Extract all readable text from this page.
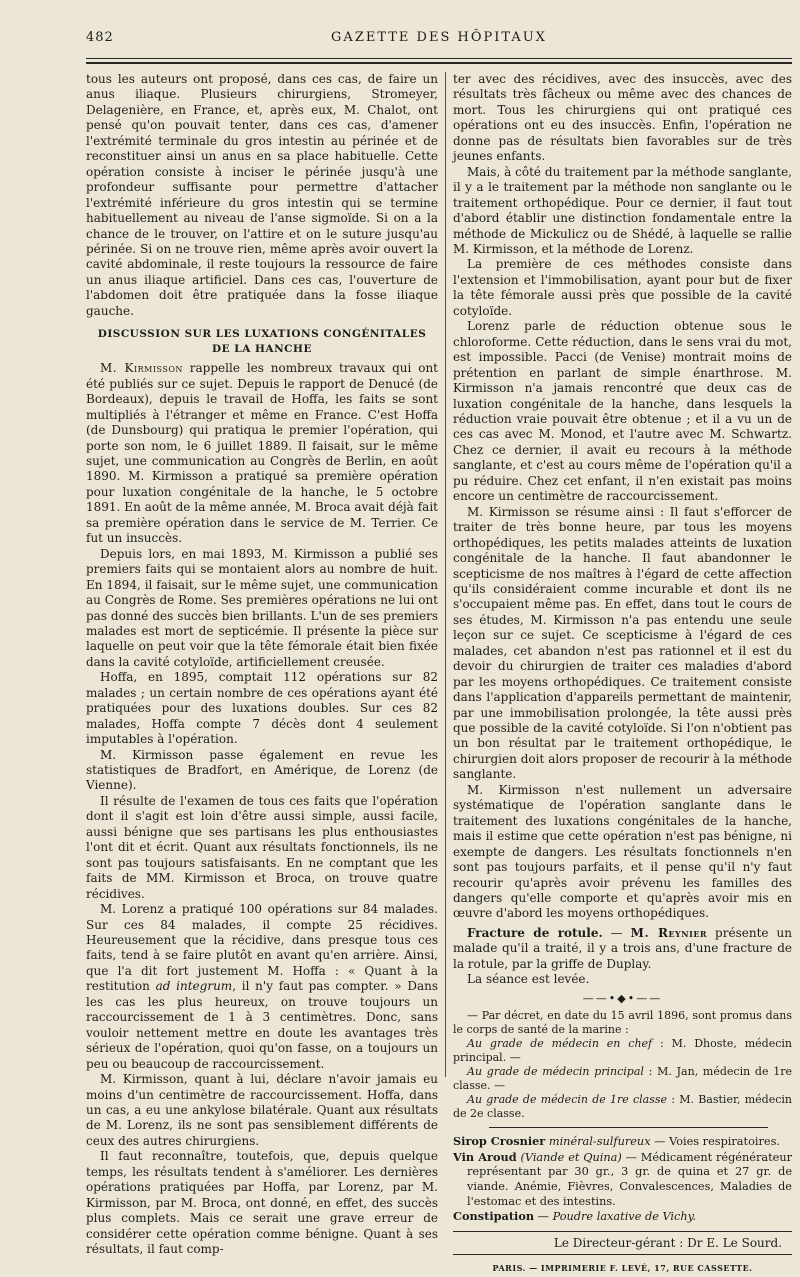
482	GAZETTE DES HÔPITAUX

tous les auteurs ont proposé, dans ces cas, de faire un anus iliaque. Plusieurs chirurgiens, Stromeyer, Delagenière, en France, et, après eux, M. Chalot, ont pensé qu'on pouvait tenter, dans ces cas, d'amener l'extrémité terminale du gros intestin au périnée et de reconstituer ainsi un anus en sa place habituelle. Cette opération consiste à inciser le périnée jusqu'à une profondeur suffisante pour permettre d'attacher l'extrémité inférieure du gros intestin qui se termine habituellement au niveau de l'anse sigmoïde. Si on a la chance de le trouver, on l'attire et on le suture jusqu'au périnée. Si on ne trouve rien, même après avoir ouvert la cavité abdominale, il reste toujours la ressource de faire un anus iliaque artificiel. Dans ces cas, l'ouverture de l'abdomen doit être pratiquée dans la fosse iliaque gauche.

DISCUSSION SUR LES LUXATIONS CONGÉNITALES
DE LA HANCHE

M. Kirmisson rappelle les nombreux travaux qui ont été publiés sur ce sujet. Depuis le rapport de Denucé (de Bordeaux), depuis le travail de Hoffa, les faits se sont multipliés à l'étranger et même en France. C'est Hoffa (de Dunsbourg) qui pratiqua le premier l'opération, qui porte son nom, le 6 juillet 1889. Il faisait, sur le même sujet, une communication au Congrès de Berlin, en août 1890. M. Kirmisson a pratiqué sa première opération pour luxation congénitale de la hanche, le 5 octobre 1891. En août de la même année, M. Broca avait déjà fait sa première opération dans le service de M. Terrier. Ce fut un insuccès.

Depuis lors, en mai 1893, M. Kirmisson a publié ses premiers faits qui se montaient alors au nombre de huit. En 1894, il faisait, sur le même sujet, une communication au Congrès de Rome. Ses premières opérations ne lui ont pas donné des succès bien brillants. L'un de ses premiers malades est mort de septicémie. Il présente la pièce sur laquelle on peut voir que la tête fémorale était bien fixée dans la cavité cotyloïde, artificiellement creusée.

Hoffa, en 1895, comptait 112 opérations sur 82 malades ; un certain nombre de ces opérations ayant été pratiquées pour des luxations doubles. Sur ces 82 malades, Hoffa compte 7 décès dont 4 seulement imputables à l'opération.

M. Kirmisson passe également en revue les statistiques de Bradfort, en Amérique, de Lorenz (de Vienne).

Il résulte de l'examen de tous ces faits que l'opération dont il s'agit est loin d'être aussi simple, aussi facile, aussi bénigne que ses partisans les plus enthousiastes l'ont dit et écrit. Quant aux résultats fonctionnels, ils ne sont pas toujours satisfaisants. En ne comptant que les faits de MM. Kirmisson et Broca, on trouve quatre récidives.

M. Lorenz a pratiqué 100 opérations sur 84 malades. Sur ces 84 malades, il compte 25 récidives. Heureusement que la récidive, dans presque tous ces faits, tend à se faire plutôt en avant qu'en arrière. Ainsi, que l'a dit fort justement M. Hoffa : « Quant à la restitution ad integrum, il n'y faut pas compter. » Dans les cas les plus heureux, on trouve toujours un raccourcissement de 1 à 3 centimètres. Donc, sans vouloir nettement mettre en doute les avantages très sérieux de l'opération, quoi qu'on fasse, on a toujours un peu ou beaucoup de raccourcissement.

M. Kirmisson, quant à lui, déclare n'avoir jamais eu moins d'un centimètre de raccourcissement. Hoffa, dans un cas, a eu une ankylose bilatérale. Quant aux résultats de M. Lorenz, ils ne sont pas sensiblement différents de ceux des autres chirurgiens.

Il faut reconnaître, toutefois, que, depuis quelque temps, les résultats tendent à s'améliorer. Les dernières opérations pratiquées par Hoffa, par Lorenz, par M. Kirmisson, par M. Broca, ont donné, en effet, des succès plus complets. Mais ce serait une grave erreur de considérer cette opération comme bénigne. Quant à ses résultats, il faut comp-

ter avec des récidives, avec des insuccès, avec des résultats très fâcheux ou même avec des chances de mort. Tous les chirurgiens qui ont pratiqué ces opérations ont eu des insuccès. Enfin, l'opération ne donne pas de résultats bien favorables sur de très jeunes enfants.

Mais, à côté du traitement par la méthode sanglante, il y a le traitement par la méthode non sanglante ou le traitement orthopédique. Pour ce dernier, il faut tout d'abord établir une distinction fondamentale entre la méthode de Mickulicz ou de Shédé, à laquelle se rallie M. Kirmisson, et la méthode de Lorenz.

La première de ces méthodes consiste dans l'extension et l'immobilisation, ayant pour but de fixer la tête fémorale aussi près que possible de la cavité cotyloïde.

Lorenz parle de réduction obtenue sous le chloroforme. Cette réduction, dans le sens vrai du mot, est impossible. Pacci (de Venise) montrait moins de prétention en parlant de simple énarthrose. M. Kirmisson n'a jamais rencontré que deux cas de luxation congénitale de la hanche, dans lesquels la réduction vraie pouvait être obtenue ; et il a vu un de ces cas avec M. Monod, et l'autre avec M. Schwartz. Chez ce dernier, il avait eu recours à la méthode sanglante, et c'est au cours même de l'opération qu'il a pu réduire. Chez cet enfant, il n'en existait pas moins encore un centimètre de raccourcissement.

M. Kirmisson se résume ainsi : Il faut s'efforcer de traiter de très bonne heure, par tous les moyens orthopédiques, les petits malades atteints de luxation congénitale de la hanche. Il faut abandonner le scepticisme de nos maîtres à l'égard de cette affection qu'ils considéraient comme incurable et dont ils ne s'occupaient même pas. En effet, dans tout le cours de ses études, M. Kirmisson n'a pas entendu une seule leçon sur ce sujet. Ce scepticisme à l'égard de ces malades, cet abandon n'est pas rationnel et il est du devoir du chirurgien de traiter ces maladies d'abord par les moyens orthopédiques. Ce traitement consiste dans l'application d'appareils permettant de maintenir, par une immobilisation prolongée, la tête aussi près que possible de la cavité cotyloïde. Si l'on n'obtient pas un bon résultat par le traitement orthopédique, le chirurgien doit alors proposer de recourir à la méthode sanglante.

M. Kirmisson n'est nullement un adversaire systématique de l'opération sanglante dans le traitement des luxations congénitales de la hanche, mais il estime que cette opération n'est pas bénigne, ni exempte de dangers. Les résultats fonctionnels n'en sont pas toujours parfaits, et il pense qu'il n'y faut recourir qu'après avoir prévenu les familles des dangers qu'elle comporte et qu'après avoir mis en œuvre d'abord les moyens orthopédiques.

Fracture de rotule. — M. Reynier présente un malade qu'il a traité, il y a trois ans, d'une fracture de la rotule, par la griffe de Duplay.

La séance est levée.

——•◆•——

— Par décret, en date du 15 avril 1896, sont promus dans le corps de santé de la marine :

Au grade de médecin en chef : M. Dhoste, médecin principal. —

Au grade de médecin principal : M. Jan, médecin de 1re classe. —

Au grade de médecin de 1re classe : M. Bastier, médecin de 2e classe.

Sirop Crosnier minéral-sulfureux — Voies respiratoires.

Vin Aroud (Viande et Quina) — Médicament régénérateur représentant par 30 gr., 3 gr. de quina et 27 gr. de viande. Anémie, Fièvres, Convalescences, Maladies de l'estomac et des intestins.

Constipation — Poudre laxative de Vichy.

Le Directeur-gérant : Dr E. Le Sourd.
PARIS. — IMPRIMERIE F. LEVÉ, 17, RUE CASSETTE.
